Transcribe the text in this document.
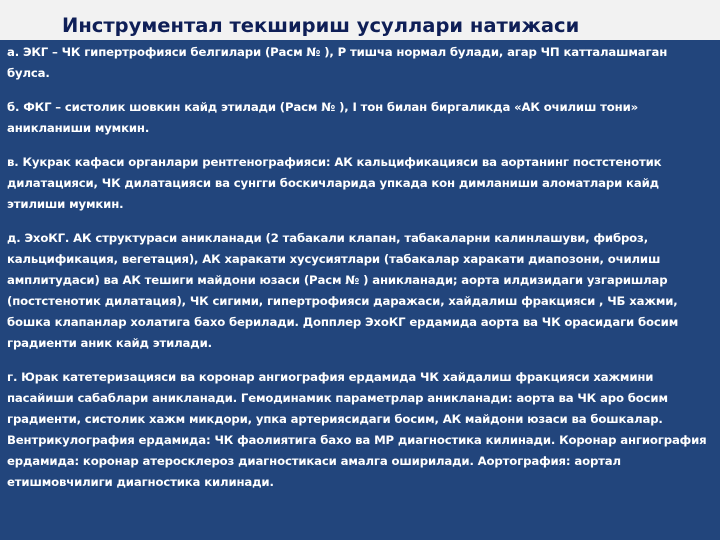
Инструментал текшириш усуллари натижаси

а. ЭКГ – ЧК гипертрофияси белгилари (Расм № ), Р тишча нормал булади, агар ЧП катталашмаган булса.

б. ФКГ – систолик шовкин кайд этилади (Расм № ), I тон билан биргаликда «АК очилиш тони» аникланиши мумкин.

в. Кукрак кафаси органлари рентгенографияси: АК кальцификацияси ва аортанинг постстенотик дилатацияси, ЧК дилатацияси ва сунгги боскичларида упкада кон димланиши аломатлари кайд этилиши мумкин.

д. ЭхоКГ. АК структураси аникланади (2 табакали клапан, табакаларни калинлашуви, фиброз, кальцификация, вегетация), АК харакати хусусиятлари (табакалар харакати диапозони, очилиш амплитудаси) ва АК тешиги майдони юзаси (Расм № ) аникланади; аорта илдизидаги узгаришлар (постстенотик дилатация), ЧК сигими, гипертрофияси даражаси, хайдалиш фракцияси , ЧБ хажми, бошка клапанлар холатига бахо берилади. Допплер ЭхоКГ ердамида аорта ва ЧК орасидаги босим градиенти аник кайд этилади.

г. Юрак катетеризацияси ва коронар ангиография ердамида ЧК хайдалиш фракцияси хажмини пасайиши сабаблари аникланади. Гемодинамик параметрлар аникланади: аорта ва ЧК аро босим градиенти, систолик хажм микдори, упка артериясидаги босим, АК майдони юзаси ва бошкалар. Вентрикулография ердамида: ЧК фаолиятига бахо ва МР диагностика килинади. Коронар ангиография ердамида: коронар атеросклероз диагностикаси амалга оширилади. Аортография: аортал етишмовчилиги диагностика килинади.
